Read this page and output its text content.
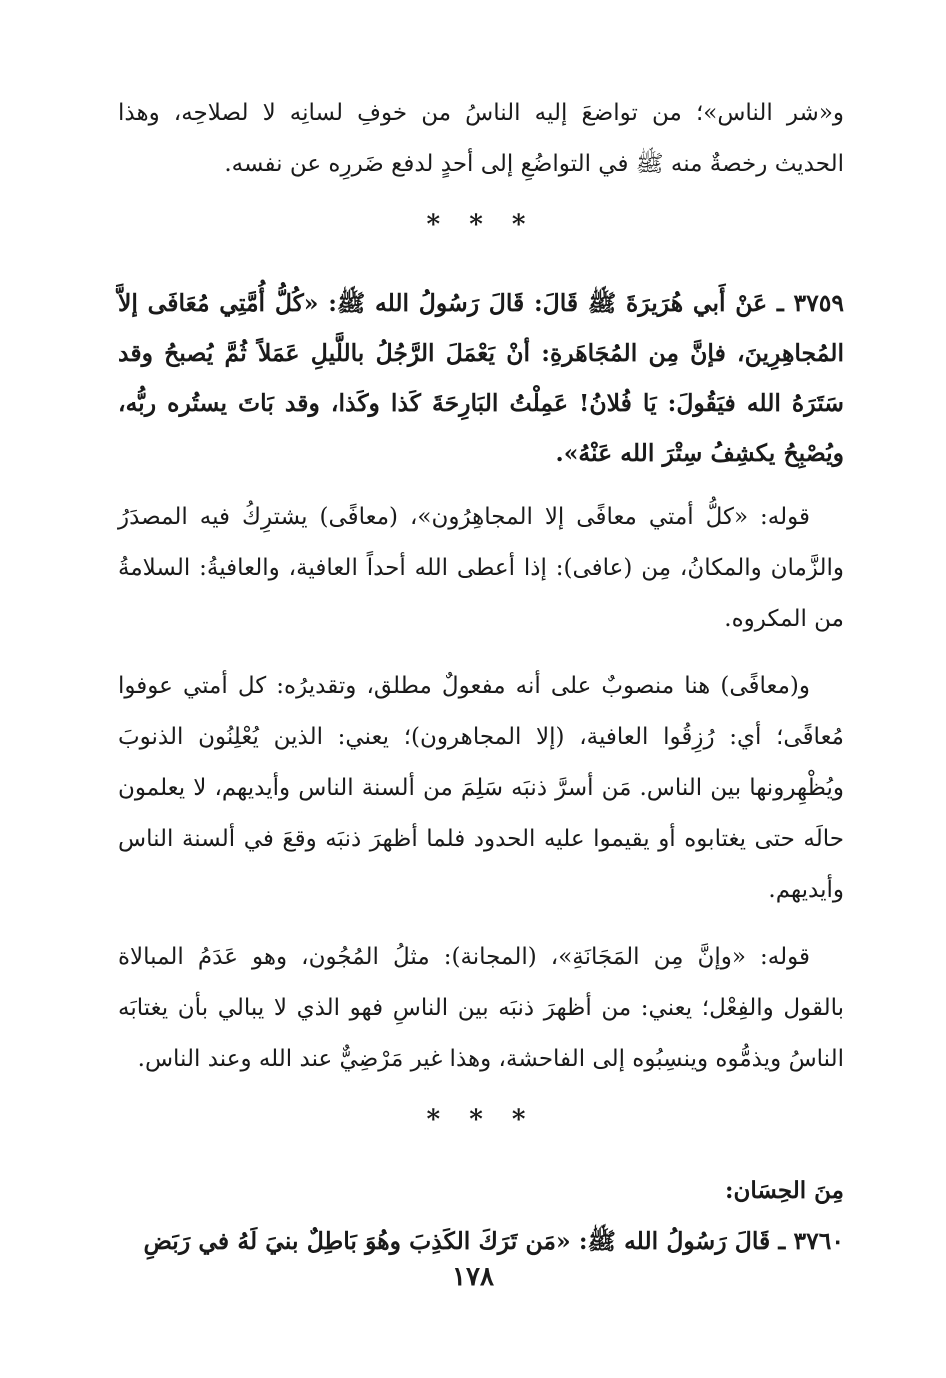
و«شر الناس»؛ من تواضعَ إليه الناسُ من خوفِ لسانِه لا لصلاحِه، وهذا الحديث رخصةٌ منه ﷺ في التواضُعِ إلى أحدٍ لدفع ضَررِه عن نفسه.

* * *

٣٧٥٩ ـ عَنْ أَبي هُرَيرَةَ ﷺ قَالَ: قَالَ رَسُولُ الله ﷺ: «كُلُّ أُمَّتِي مُعَافَى إلاَّ المُجاهِرِينَ، فإنَّ مِن المُجَاهَرةِ: أنْ يَعْمَلَ الرَّجُلُ باللَّيلِ عَمَلاً ثُمَّ يُصبحُ وقد سَتَرَهُ الله فيَقُولَ: يَا فُلانُ! عَمِلْتُ البَارِحَةَ كَذا وكَذا، وقد بَاتَ يستُره ربُّه، ويُصْبِحُ يكشِفُ سِتْرَ الله عَنْهُ».

قوله: «كلُّ أمتي معافًى إلا المجاهِرُون»، (معافًى) يشترِكُ فيه المصدَرُ والزَّمان والمكانُ، مِن (عافى): إذا أعطى الله أحداً العافية، والعافيةُ: السلامةُ من المكروه.

و(معافًى) هنا منصوبٌ على أنه مفعولٌ مطلق، وتقديرُه: كل أمتي عوفوا مُعافًى؛ أي: رُزِقُوا العافية، (إلا المجاهرون)؛ يعني: الذين يُعْلِنُون الذنوبَ ويُظْهِرونها بين الناس. مَن أسرَّ ذنبَه سَلِمَ من ألسنة الناس وأيديهم، لا يعلمون حالَه حتى يغتابوه أو يقيموا عليه الحدود فلما أظهرَ ذنبَه وقعَ في ألسنة الناس وأيديهم.

قوله: «وإنَّ مِن المَجَانَةِ»، (المجانة): مثلُ المُجُون، وهو عَدَمُ المبالاة بالقول والفِعْل؛ يعني: من أظهرَ ذنبَه بين الناسِ فهو الذي لا يبالي بأن يغتابَه الناسُ ويذمُّوه وينسِبُوه إلى الفاحشة، وهذا غير مَرْضِيٌّ عند الله وعند الناس.

* * *

مِنَ الحِسَان:

٣٧٦٠ ـ قَالَ رَسُولُ الله ﷺ: «مَن تَرَكَ الكَذِبَ وهُوَ بَاطِلٌ بنيَ لَهُ في رَبَضِ

١٧٨
